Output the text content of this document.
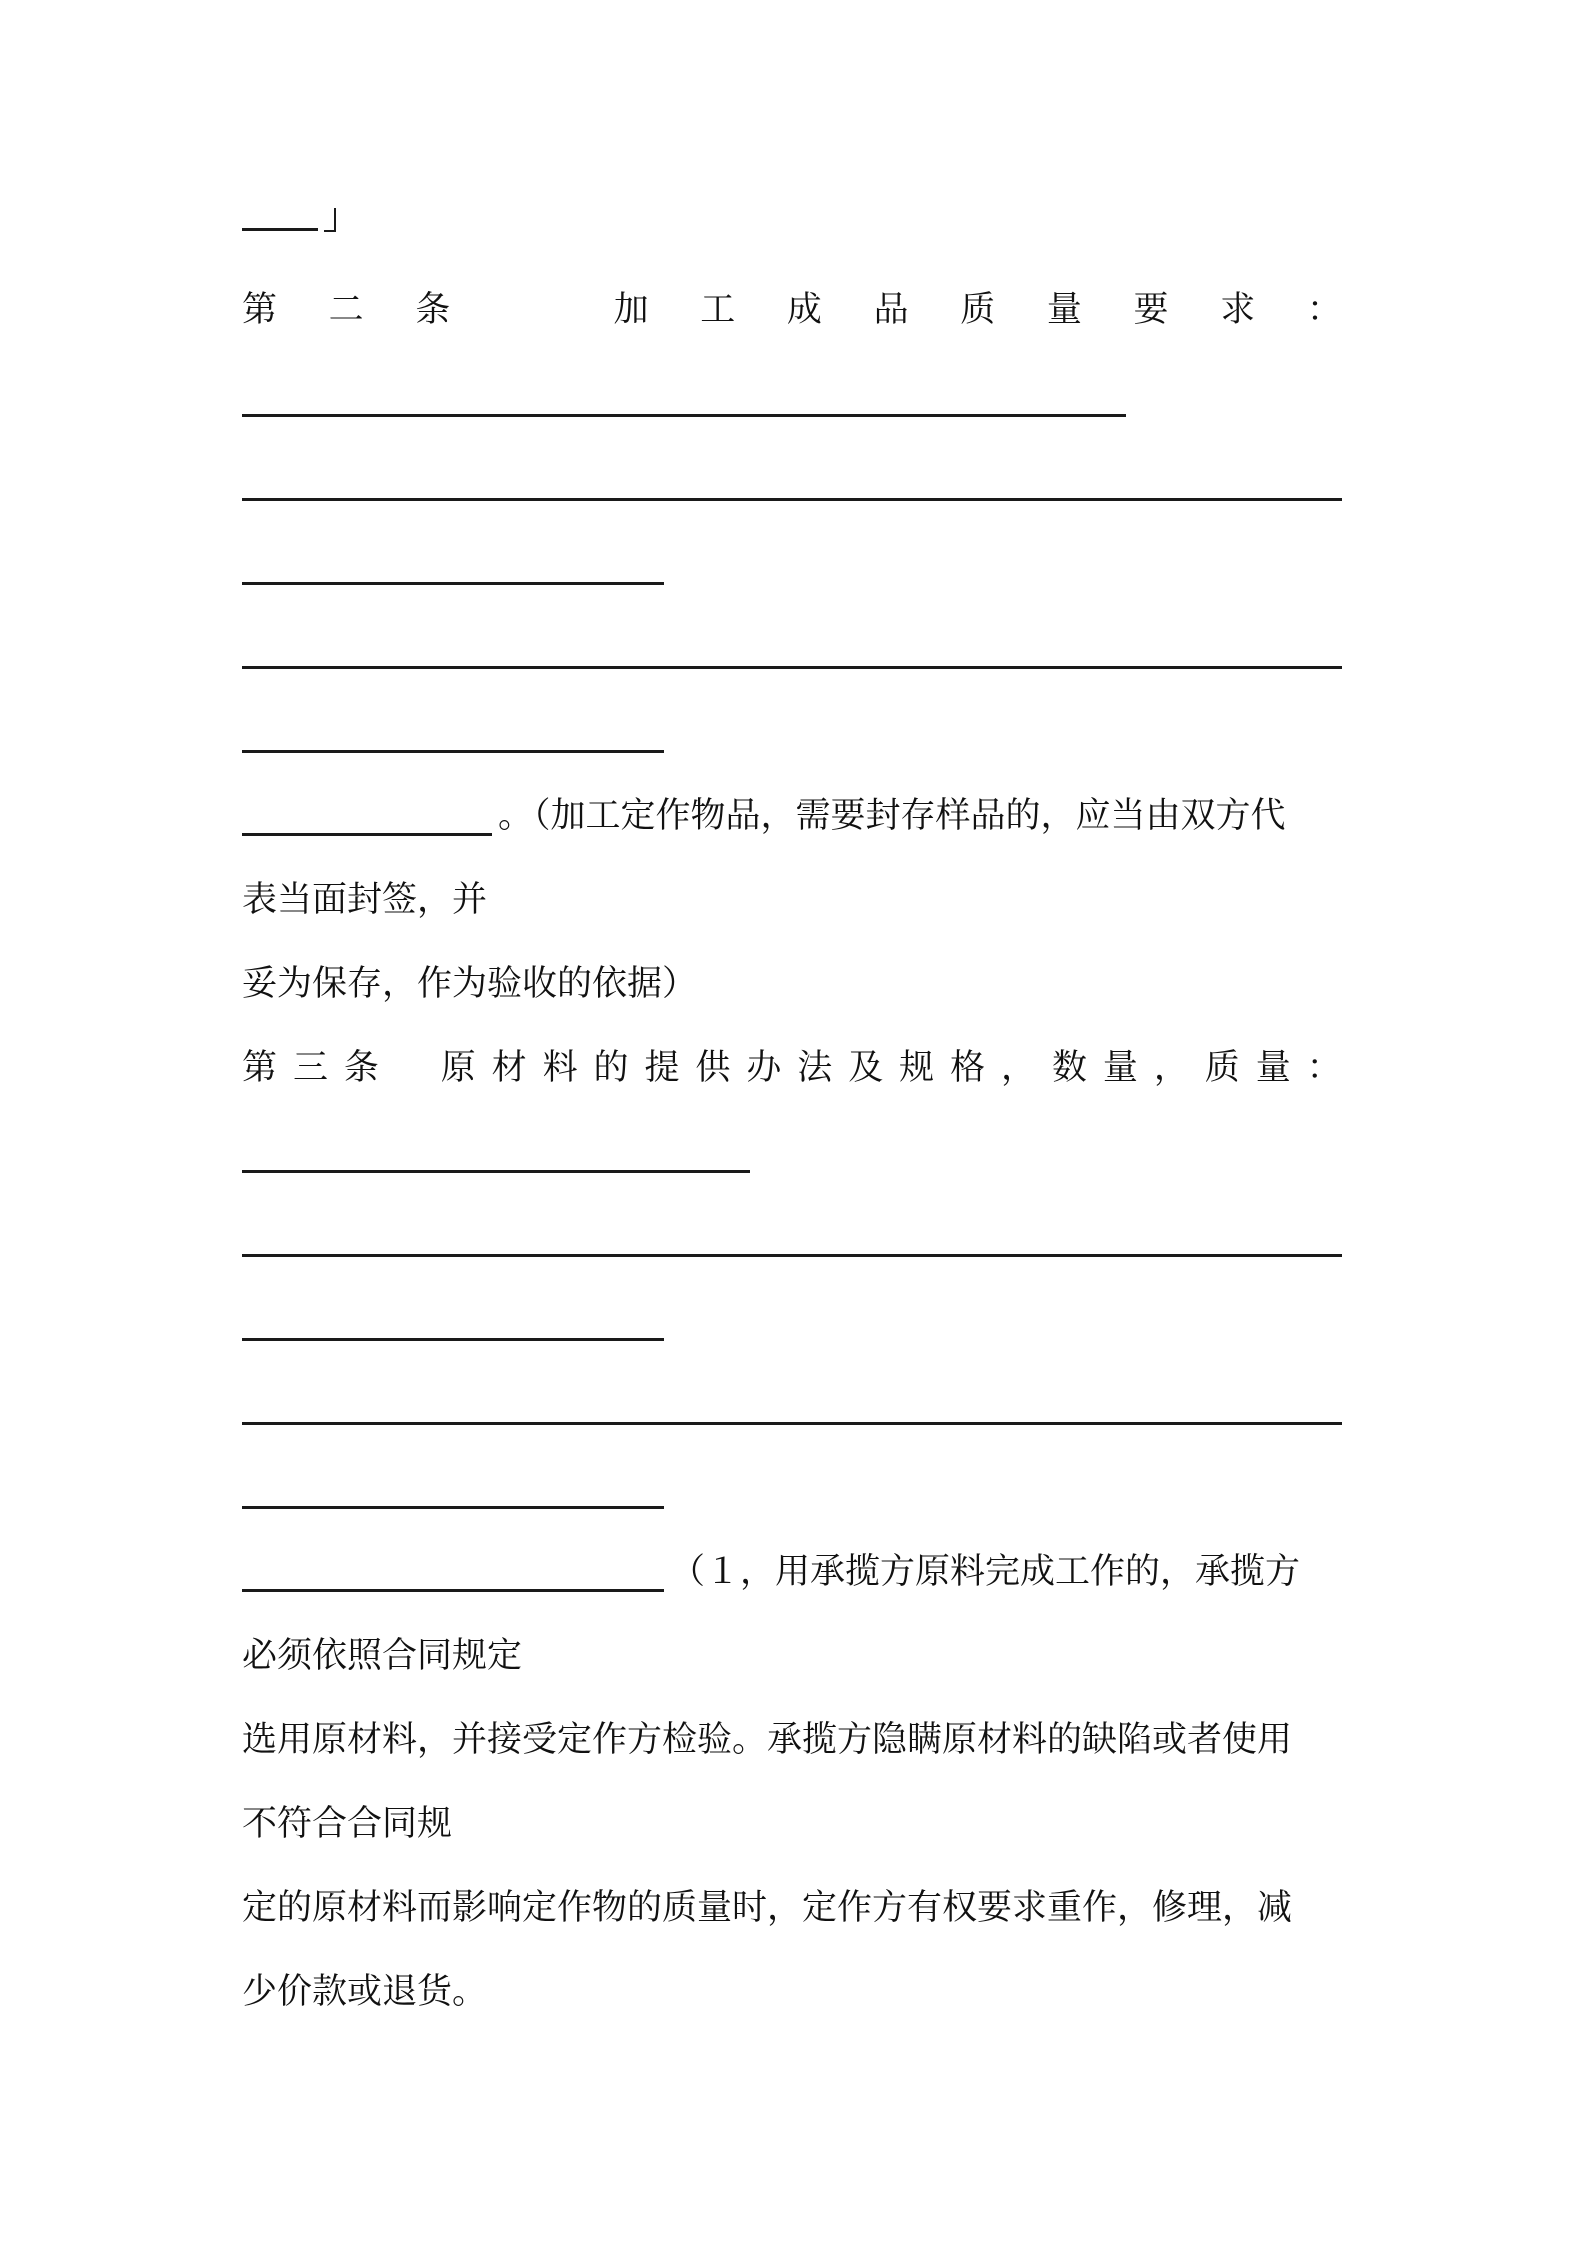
第 二 条	加 工 成 品 质 量 要 求 ：
。（加工定作物品，需要封存样品的，应当由双方代
表当面封签，并
妥为保存，作为验收的依据）
第 三 条 原 材 料 的 提 供 办 法 及 规 格 ， 数 量 ， 质 量 ：
（１，用承揽方原料完成工作的，承揽方
必须依照合同规定
选用原材料，并接受定作方检验。承揽方隐瞒原材料的缺陷或者使用
不符合合同规
定的原材料而影响定作物的质量时，定作方有权要求重作，修理，减
少价款或退货。
